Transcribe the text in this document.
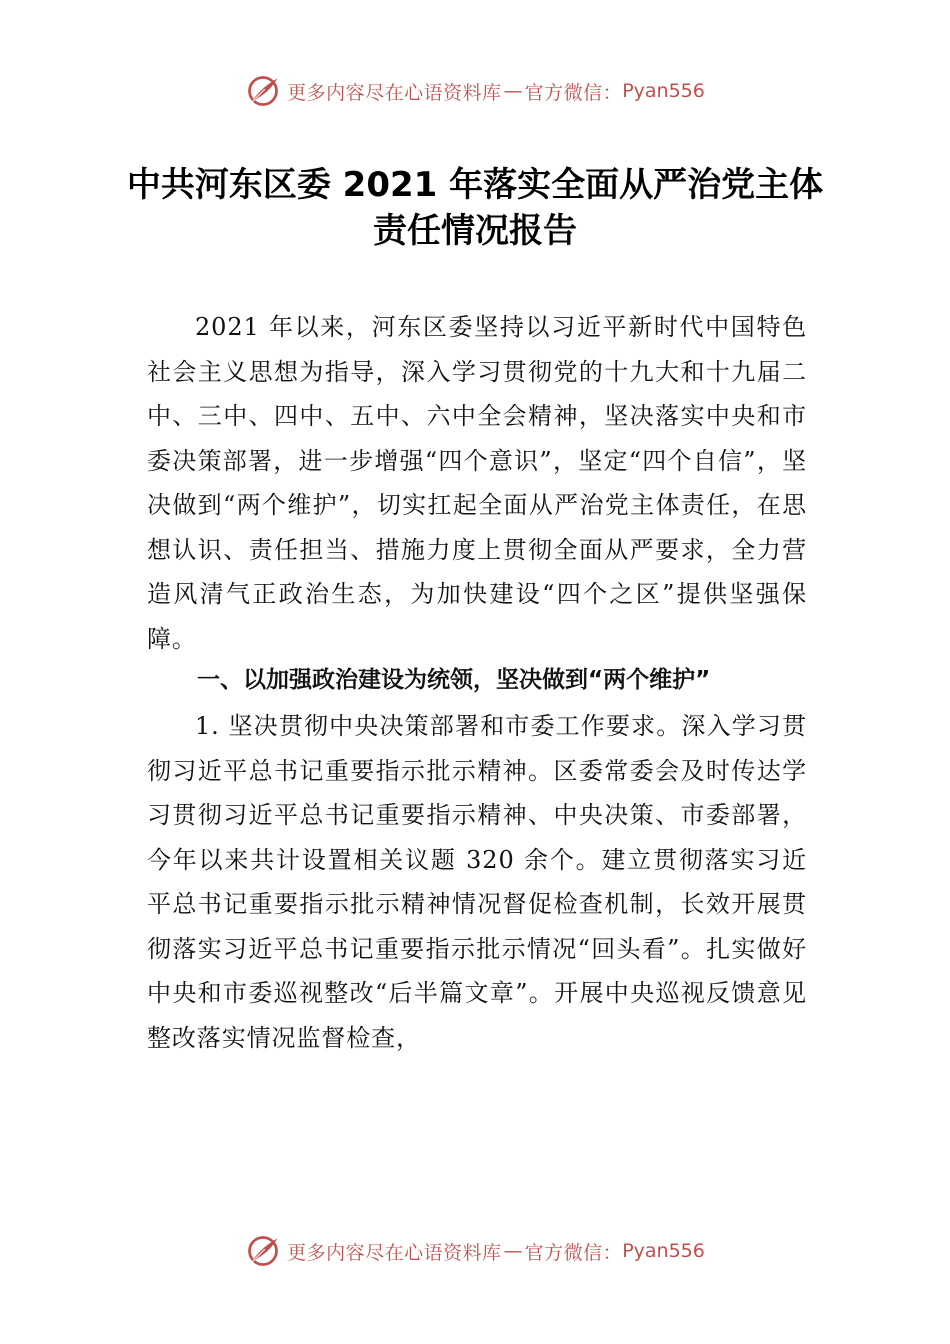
更多内容尽在心语资料库 — 官方微信： Pyan556
中共河东区委 2021 年落实全面从严治党主体责任情况报告

2021 年以来，河东区委坚持以习近平新时代中国特色社会主义思想为指导，深入学习贯彻党的十九大和十九届二中、三中、四中、五中、六中全会精神，坚决落实中央和市委决策部署，进一步增强“四个意识”，坚定“四个自信”，坚决做到“两个维护”，切实扛起全面从严治党主体责任，在思想认识、责任担当、措施力度上贯彻全面从严要求，全力营造风清气正政治生态，为加快建设“四个之区”提供坚强保障。

一、以加强政治建设为统领，坚决做到“两个维护”

1. 坚决贯彻中央决策部署和市委工作要求。深入学习贯彻习近平总书记重要指示批示精神。区委常委会及时传达学习贯彻习近平总书记重要指示精神、中央决策、市委部署，今年以来共计设置相关议题 320 余个。建立贯彻落实习近平总书记重要指示批示精神情况督促检查机制，长效开展贯彻落实习近平总书记重要指示批示情况“回头看”。扎实做好中央和市委巡视整改“后半篇文章”。开展中央巡视反馈意见整改落实情况监督检查，

更多内容尽在心语资料库 — 官方微信： Pyan556
